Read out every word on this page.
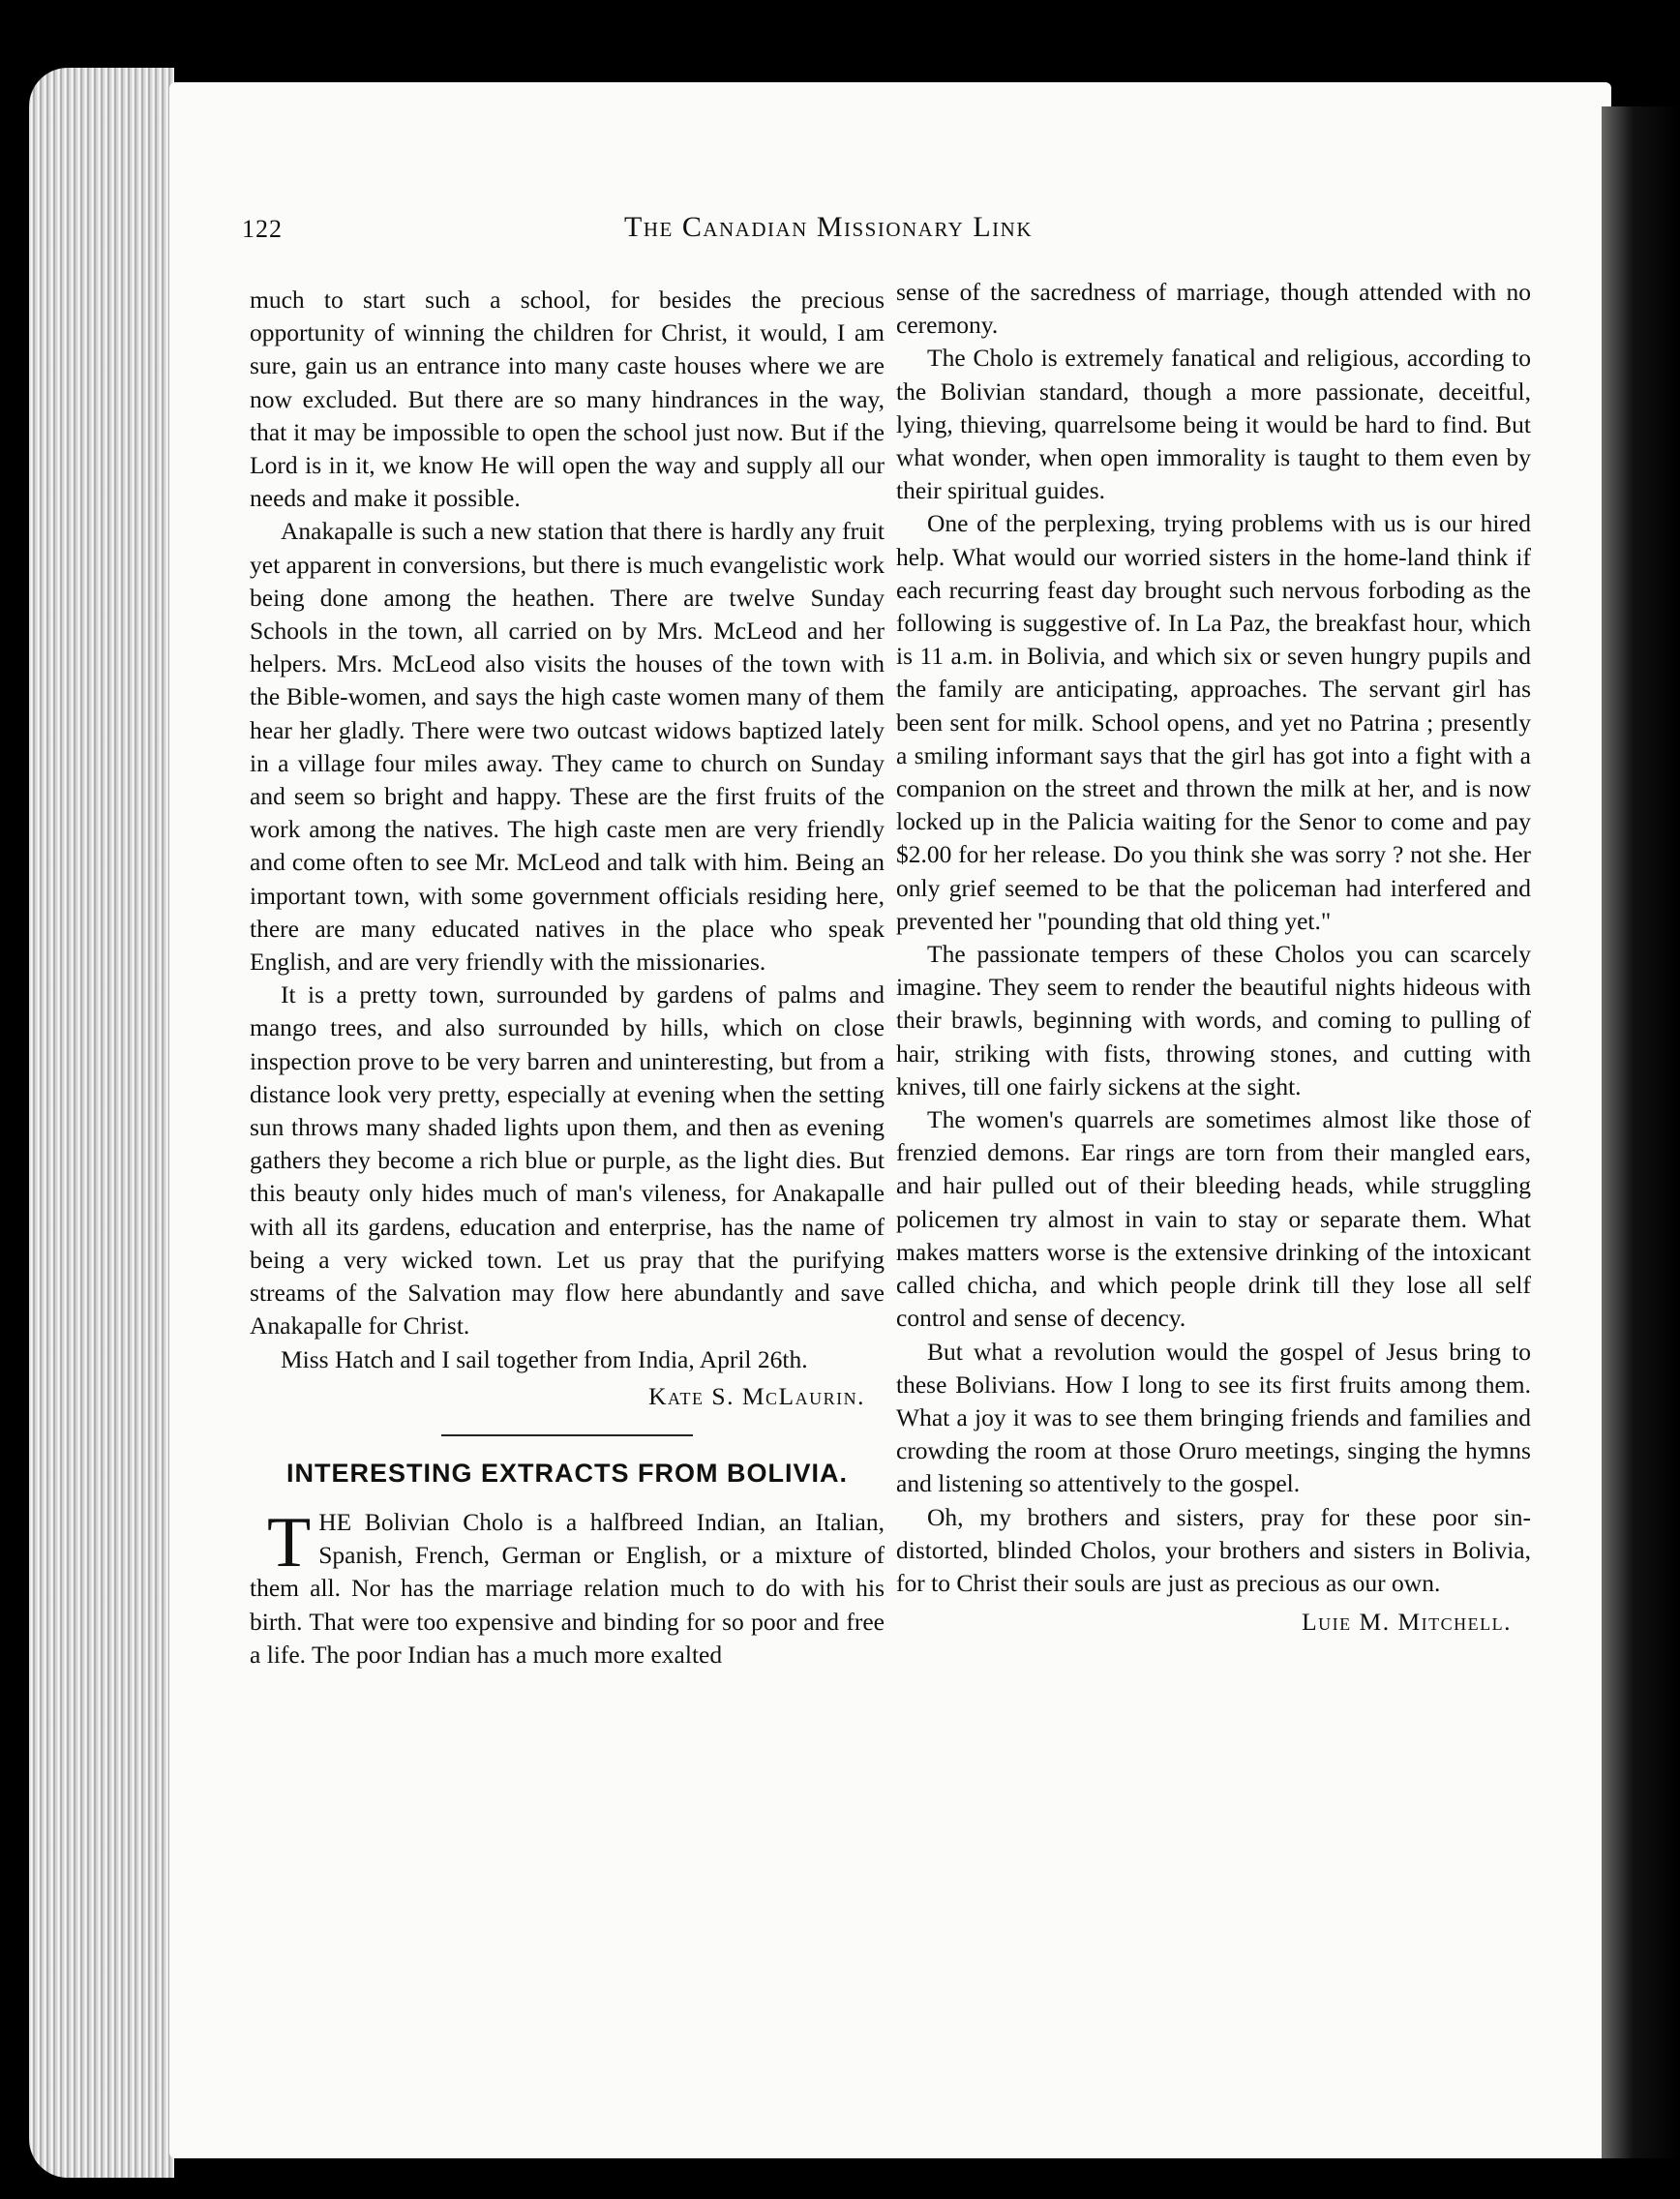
122	The Canadian Missionary Link

much to start such a school, for besides the precious opportunity of winning the children for Christ, it would, I am sure, gain us an entrance into many caste houses where we are now excluded. But there are so many hindrances in the way, that it may be impossible to open the school just now. But if the Lord is in it, we know He will open the way and supply all our needs and make it possible.

Anakapalle is such a new station that there is hardly any fruit yet apparent in conversions, but there is much evangelistic work being done among the heathen. There are twelve Sunday Schools in the town, all carried on by Mrs. McLeod and her helpers. Mrs. McLeod also visits the houses of the town with the Bible-women, and says the high caste women many of them hear her gladly. There were two outcast widows baptized lately in a village four miles away. They came to church on Sunday and seem so bright and happy. These are the first fruits of the work among the natives. The high caste men are very friendly and come often to see Mr. McLeod and talk with him. Being an important town, with some government officials residing here, there are many educated natives in the place who speak English, and are very friendly with the missionaries.

It is a pretty town, surrounded by gardens of palms and mango trees, and also surrounded by hills, which on close inspection prove to be very barren and uninteresting, but from a distance look very pretty, especially at evening when the setting sun throws many shaded lights upon them, and then as evening gathers they become a rich blue or purple, as the light dies. But this beauty only hides much of man's vileness, for Anakapalle with all its gardens, education and enterprise, has the name of being a very wicked town. Let us pray that the purifying streams of the Salvation may flow here abundantly and save Anakapalle for Christ.

Miss Hatch and I sail together from India, April 26th.

Kate S. McLaurin.
INTERESTING EXTRACTS FROM BOLIVIA.
T HE Bolivian Cholo is a halfbreed Indian, an Italian, Spanish, French, German or English, or a mixture of them all. Nor has the marriage relation much to do with his birth. That were too expensive and binding for so poor and free a life. The poor Indian has a much more exalted

sense of the sacredness of marriage, though attended with no ceremony.

The Cholo is extremely fanatical and religious, according to the Bolivian standard, though a more passionate, deceitful, lying, thieving, quarrelsome being it would be hard to find. But what wonder, when open immorality is taught to them even by their spiritual guides.

One of the perplexing, trying problems with us is our hired help. What would our worried sisters in the home-land think if each recurring feast day brought such nervous forboding as the following is suggestive of. In La Paz, the breakfast hour, which is 11 a.m. in Bolivia, and which six or seven hungry pupils and the family are anticipating, approaches. The servant girl has been sent for milk. School opens, and yet no Patrina ; presently a smiling informant says that the girl has got into a fight with a companion on the street and thrown the milk at her, and is now locked up in the Palicia waiting for the Senor to come and pay $2.00 for her release. Do you think she was sorry ? not she. Her only grief seemed to be that the policeman had interfered and prevented her "pounding that old thing yet."

The passionate tempers of these Cholos you can scarcely imagine. They seem to render the beautiful nights hideous with their brawls, beginning with words, and coming to pulling of hair, striking with fists, throwing stones, and cutting with knives, till one fairly sickens at the sight.

The women's quarrels are sometimes almost like those of frenzied demons. Ear rings are torn from their mangled ears, and hair pulled out of their bleeding heads, while struggling policemen try almost in vain to stay or separate them. What makes matters worse is the extensive drinking of the intoxicant called chicha, and which people drink till they lose all self control and sense of decency.

But what a revolution would the gospel of Jesus bring to these Bolivians. How I long to see its first fruits among them. What a joy it was to see them bringing friends and families and crowding the room at those Oruro meetings, singing the hymns and listening so attentively to the gospel.

Oh, my brothers and sisters, pray for these poor sin-distorted, blinded Cholos, your brothers and sisters in Bolivia, for to Christ their souls are just as precious as our own.

Luie M. Mitchell.
